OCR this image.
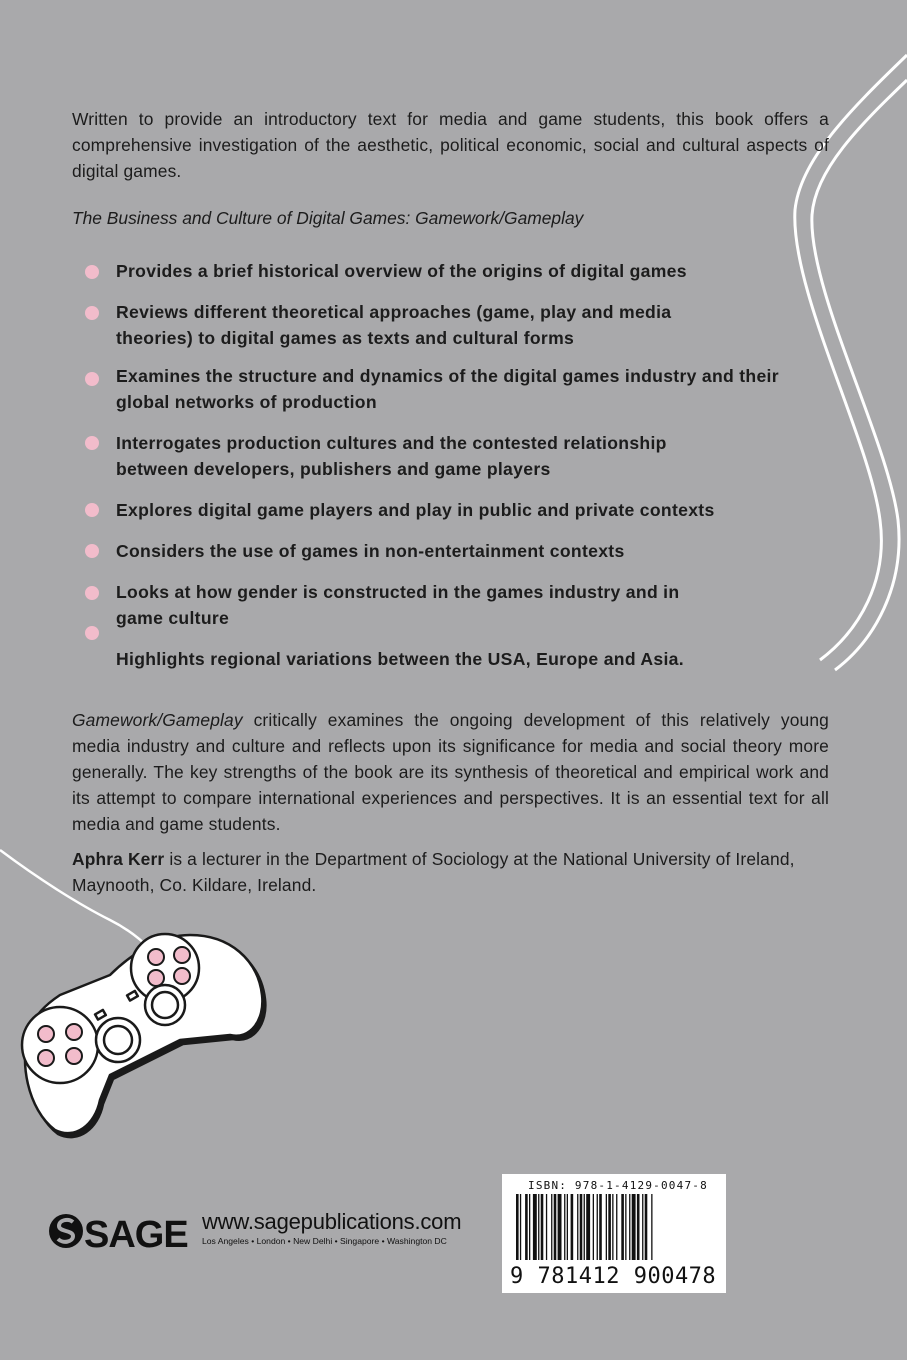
Written to provide an introductory text for media and game students, this book offers a comprehensive investigation of the aesthetic, political economic, social and cultural aspects of digital games.

The Business and Culture of Digital Games: Gamework/Gameplay

Provides a brief historical overview of the origins of digital games

Reviews different theoretical approaches (game, play and media theories) to digital games as texts and cultural forms

Examines the structure and dynamics of the digital games industry and their global networks of production

Interrogates production cultures and the contested relationship between developers, publishers and game players

Explores digital game players and play in public and private contexts

Considers the use of games in non-entertainment contexts

Looks at how gender is constructed in the games industry and in game culture

Highlights regional variations between the USA, Europe and Asia.

Gamework/Gameplay critically examines the ongoing development of this relatively young media industry and culture and reflects upon its significance for media and social theory more generally. The key strengths of the book are its synthesis of theoretical and empirical work and its attempt to compare international experiences and perspectives. It is an essential text for all media and game students.

Aphra Kerr is a lecturer in the Department of Sociology at the National University of Ireland, Maynooth, Co. Kildare, Ireland.

SAGE www.sagepublications.com

Los Angeles • London • New Delhi • Singapore • Washington DC

ISBN: 978-1-4129-0047-8

9 781412 900478
